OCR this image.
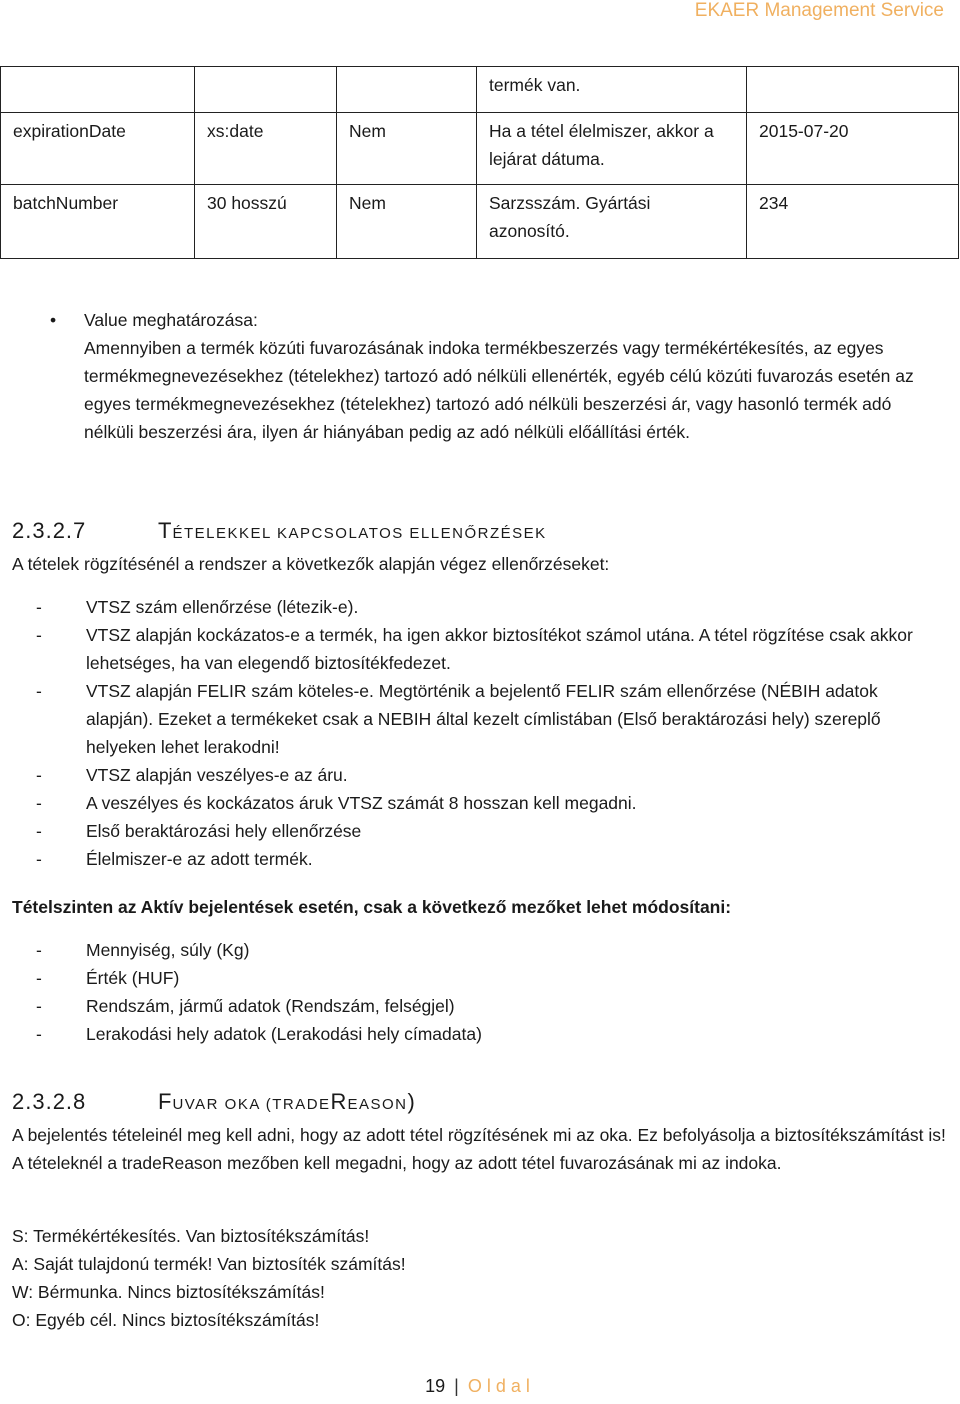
EKAER Management Service
			termék van.	
expirationDate	xs:date	Nem	Ha a tétel élelmiszer, akkor a lejárat dátuma.	2015-07-20
batchNumber	30 hosszú	Nem	Sarzsszám. Gyártási azonosító.	234
• Value meghatározása:
Amennyiben a termék közúti fuvarozásának indoka termékbeszerzés vagy termékértékesítés, az egyes termékmegnevezésekhez (tételekhez) tartozó adó nélküli ellenérték, egyéb célú közúti fuvarozás esetén az egyes termékmegnevezésekhez (tételekhez) tartozó adó nélküli beszerzési ár, vagy hasonló termék adó nélküli beszerzési ára, ilyen ár hiányában pedig az adó nélküli előállítási érték.
2.3.2.7	TÉTELEKKEL KAPCSOLATOS ELLENŐRZÉSEK
A tételek rögzítésénél a rendszer a következők alapján végez ellenőrzéseket:
-	VTSZ szám ellenőrzése (létezik-e).
-	VTSZ alapján kockázatos-e a termék, ha igen akkor biztosítékot számol utána. A tétel rögzítése csak akkor lehetséges, ha van elegendő biztosítékfedezet.
-	VTSZ alapján FELIR szám köteles-e. Megtörténik a bejelentő FELIR szám ellenőrzése (NÉBIH adatok alapján). Ezeket a termékeket csak a NEBIH által kezelt címlistában (Első beraktározási hely) szereplő helyeken lehet lerakodni!
-	VTSZ alapján veszélyes-e az áru.
-	A veszélyes és kockázatos áruk VTSZ számát 8 hosszan kell megadni.
-	Első beraktározási hely ellenőrzése
-	Élelmiszer-e az adott termék.
Tételszinten az Aktív bejelentések esetén, csak a következő mezőket lehet módosítani:
-	Mennyiség, súly (Kg)
-	Érték (HUF)
-	Rendszám, jármű adatok (Rendszám, felségjel)
-	Lerakodási hely adatok (Lerakodási hely címadata)
2.3.2.8	FUVAR OKA (TRADEREASON)
A bejelentés tételeinél meg kell adni, hogy az adott tétel rögzítésének mi az oka. Ez befolyásolja a biztosítékszámítást is! A tételeknél a tradeReason mezőben kell megadni, hogy az adott tétel fuvarozásának mi az indoka.
S: Termékértékesítés. Van biztosítékszámítás!
A: Saját tulajdonú termék! Van biztosíték számítás!
W: Bérmunka. Nincs biztosítékszámítás!
O: Egyéb cél. Nincs biztosítékszámítás!
19 | Oldal
